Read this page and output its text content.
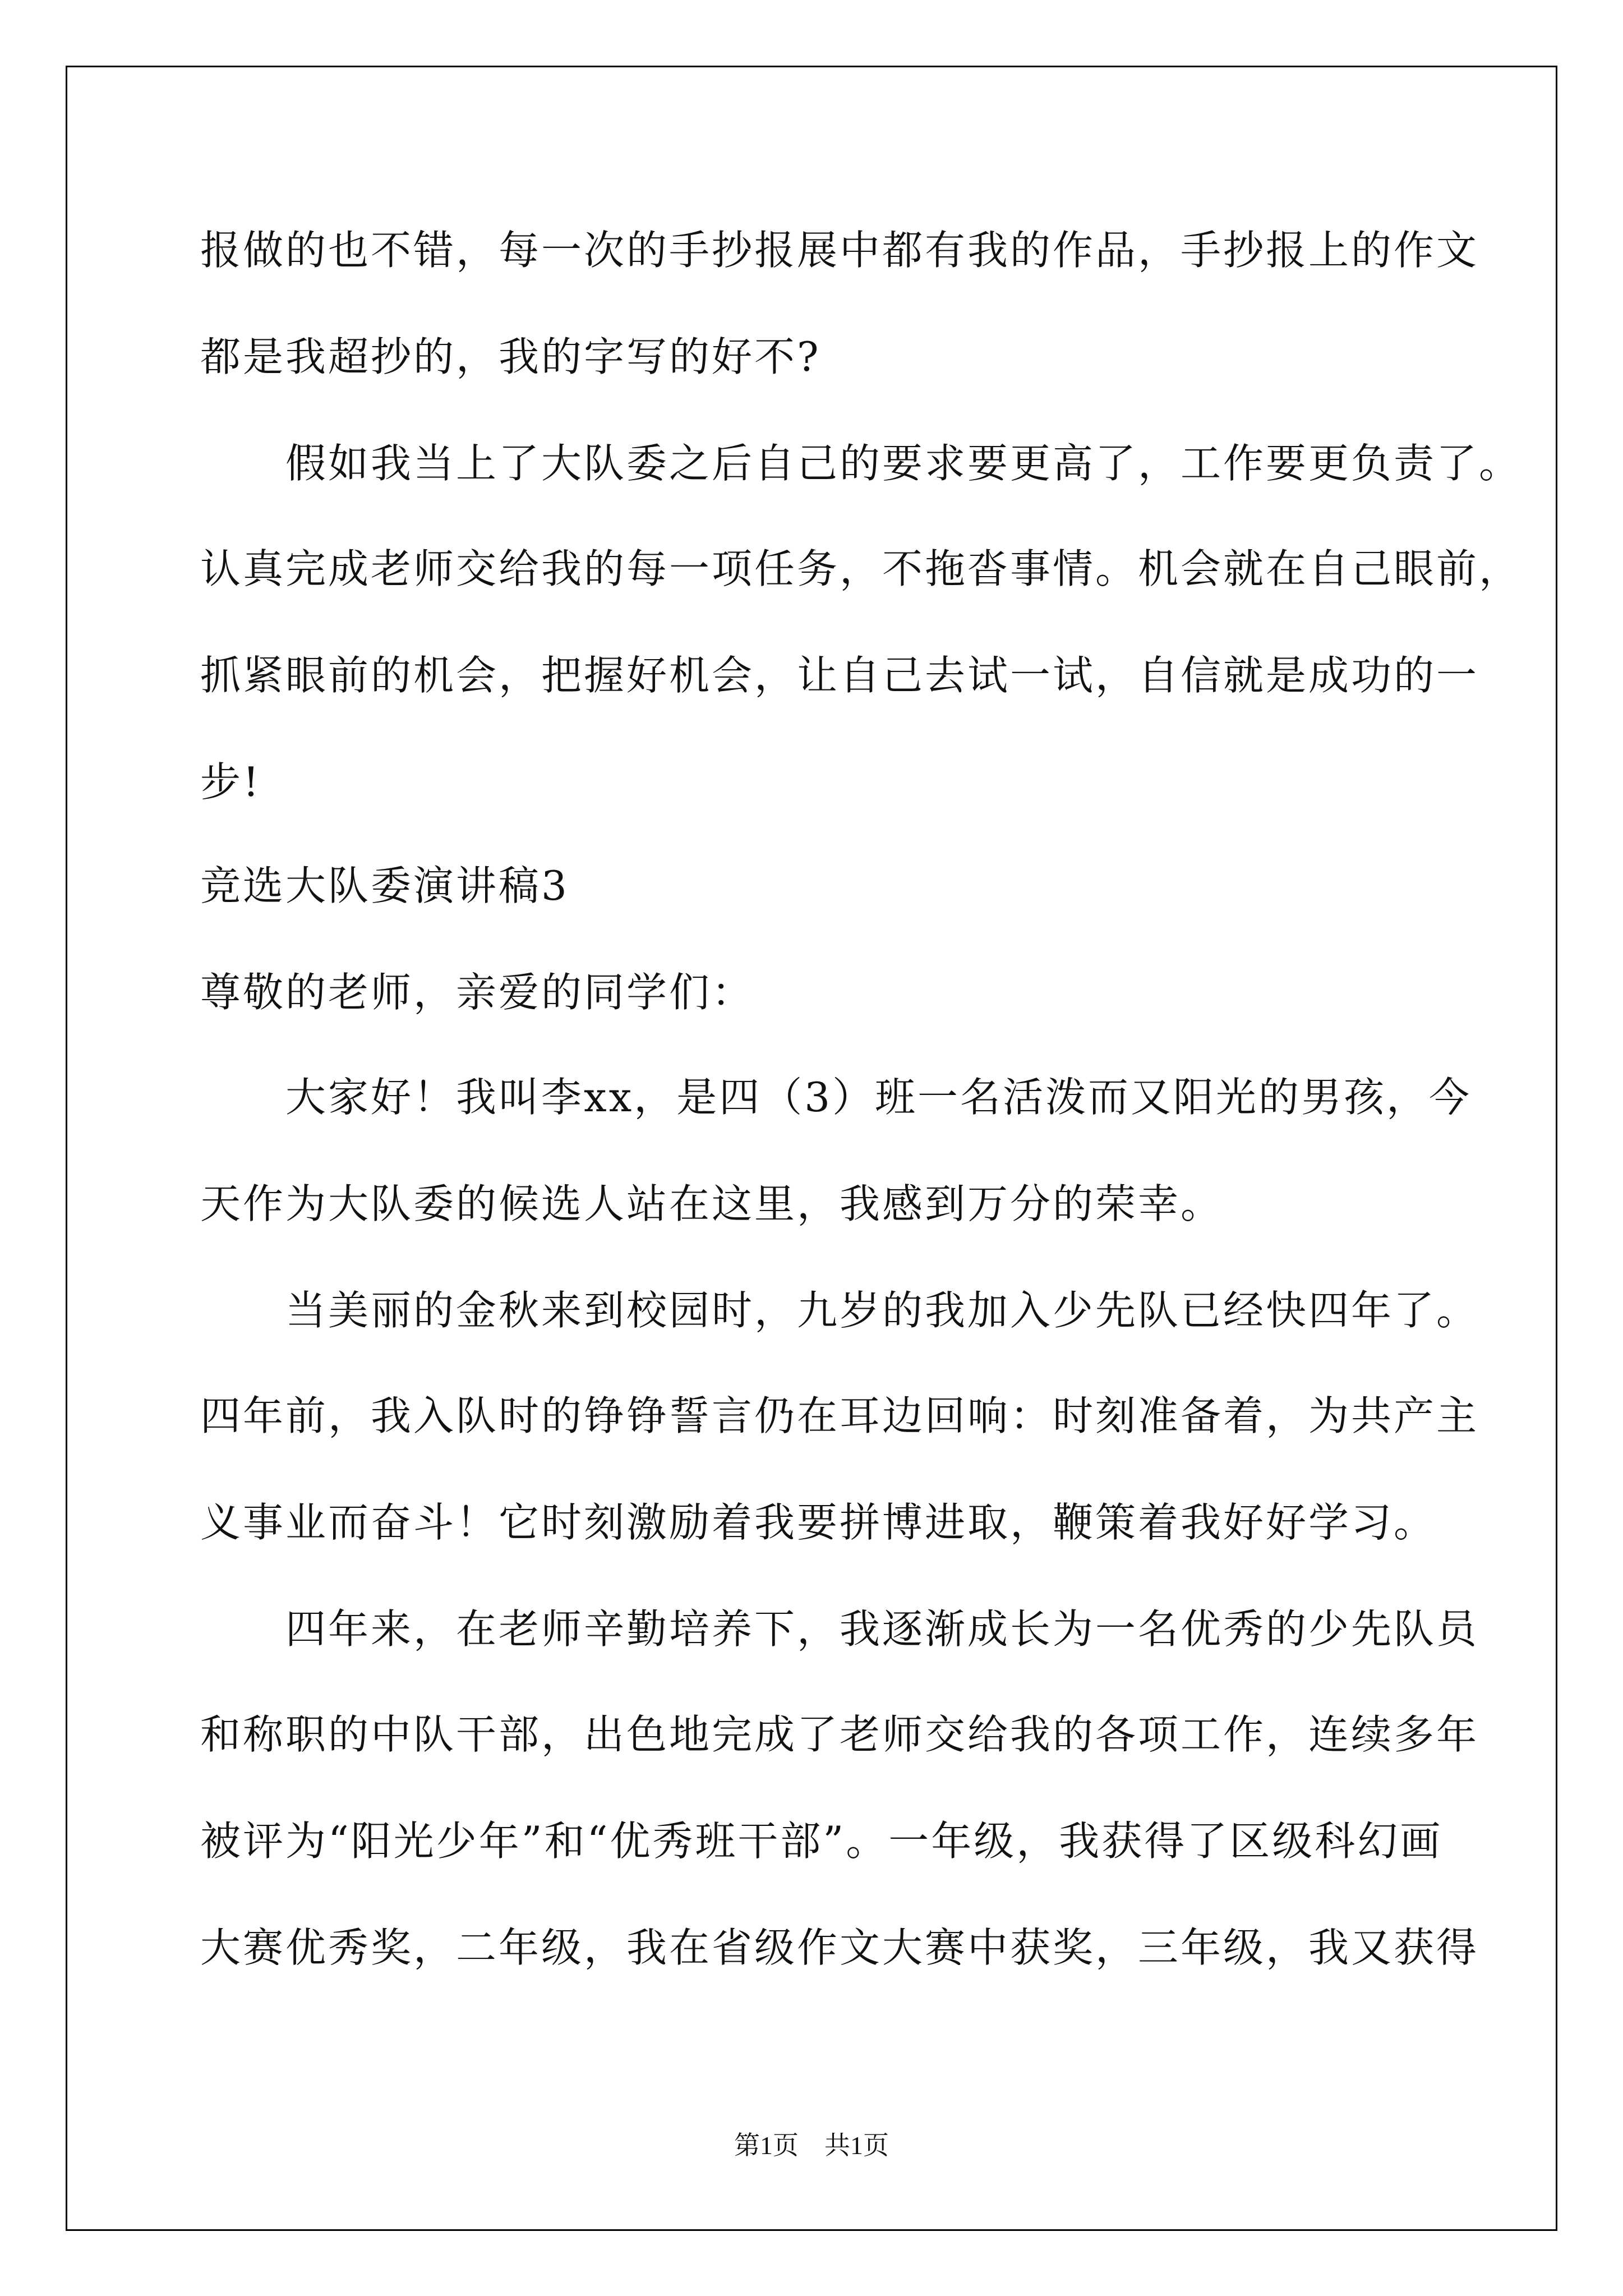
报做的也不错，每一次的手抄报展中都有我的作品，手抄报上的作文
都是我超抄的，我的字写的好不?
　　假如我当上了大队委之后自己的要求要更高了，工作要更负责了。
认真完成老师交给我的每一项任务，不拖沓事情。机会就在自己眼前，
抓紧眼前的机会，把握好机会，让自己去试一试，自信就是成功的一
步!
竞选大队委演讲稿3
尊敬的老师，亲爱的同学们：
　　大家好！我叫李xx，是四（3）班一名活泼而又阳光的男孩，今
天作为大队委的候选人站在这里，我感到万分的荣幸。
　　当美丽的金秋来到校园时，九岁的我加入少先队已经快四年了。
四年前，我入队时的铮铮誓言仍在耳边回响：时刻准备着，为共产主
义事业而奋斗！它时刻激励着我要拼博进取，鞭策着我好好学习。
　　四年来，在老师辛勤培养下，我逐渐成长为一名优秀的少先队员
和称职的中队干部，出色地完成了老师交给我的各项工作，连续多年
被评为“阳光少年”和“优秀班干部”。一年级，我获得了区级科幻画
大赛优秀奖，二年级，我在省级作文大赛中获奖，三年级，我又获得
第1页　共1页
